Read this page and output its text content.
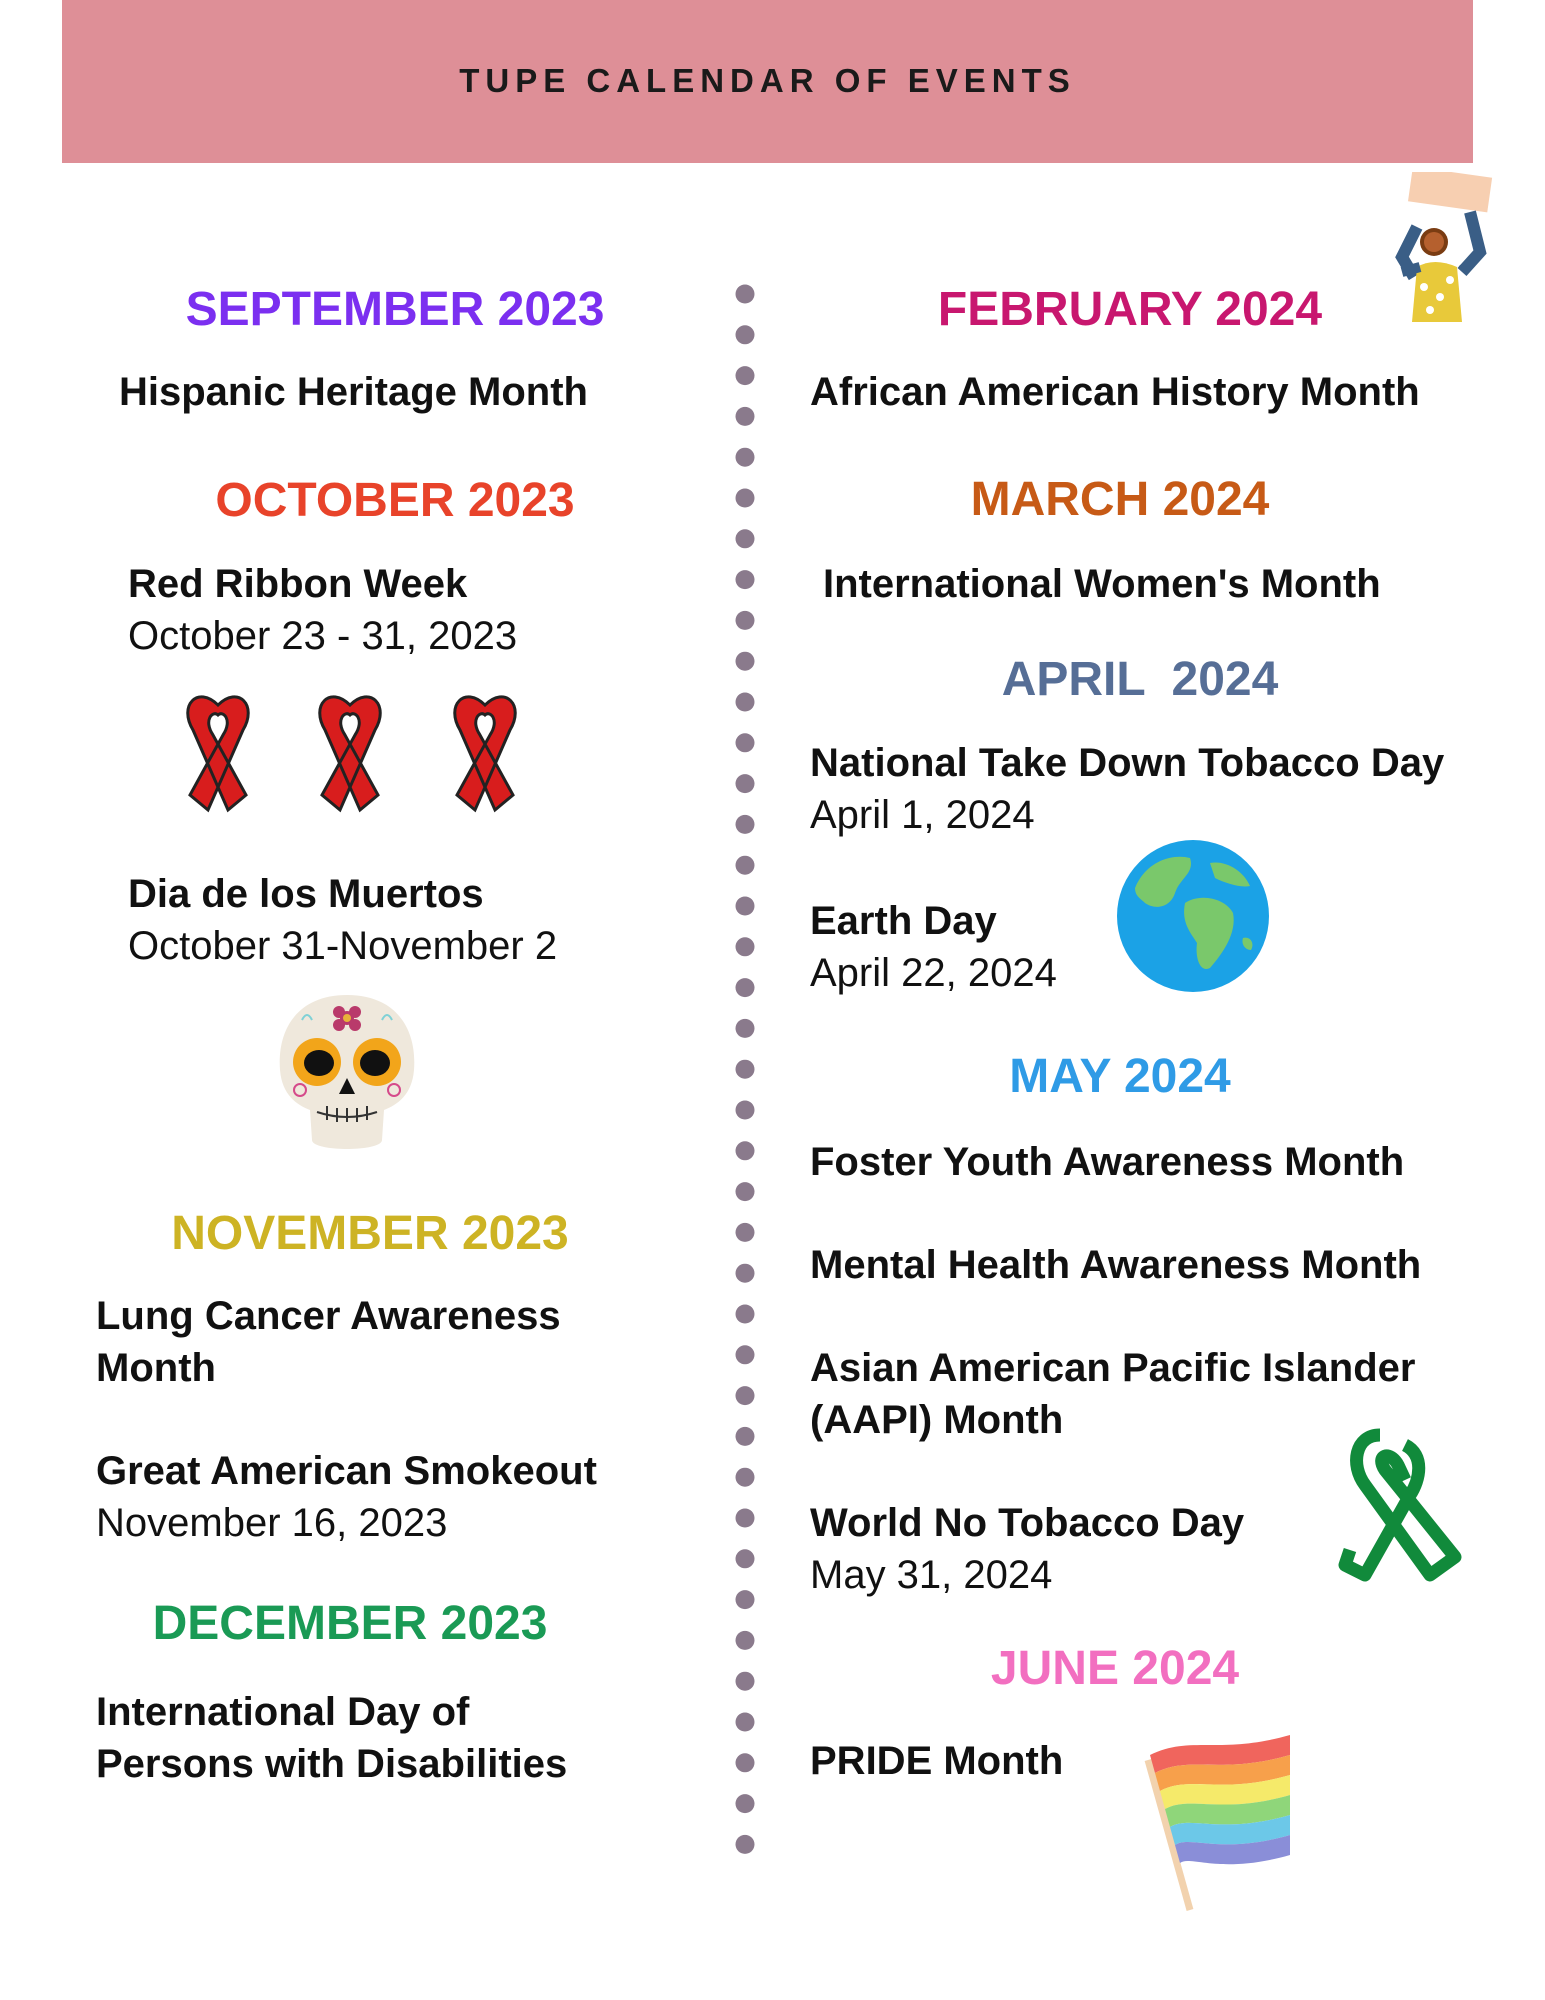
TUPE CALENDAR OF EVENTS
SEPTEMBER 2023
Hispanic Heritage Month
OCTOBER 2023
Red Ribbon Week
October 23 - 31, 2023
Dia de los Muertos
October 31-November 2
NOVEMBER 2023
Lung Cancer Awareness
Month
Great American Smokeout
November 16, 2023
DECEMBER 2023
International Day of
Persons with Disabilities
FEBRUARY 2024
African American History Month
MARCH 2024
International Women's Month
APRIL  2024
National Take Down Tobacco Day
April 1, 2024
Earth Day
April 22, 2024
MAY 2024
Foster Youth Awareness Month
Mental Health Awareness Month
Asian American Pacific Islander
(AAPI) Month
World No Tobacco Day
May 31, 2024
JUNE 2024
PRIDE Month
